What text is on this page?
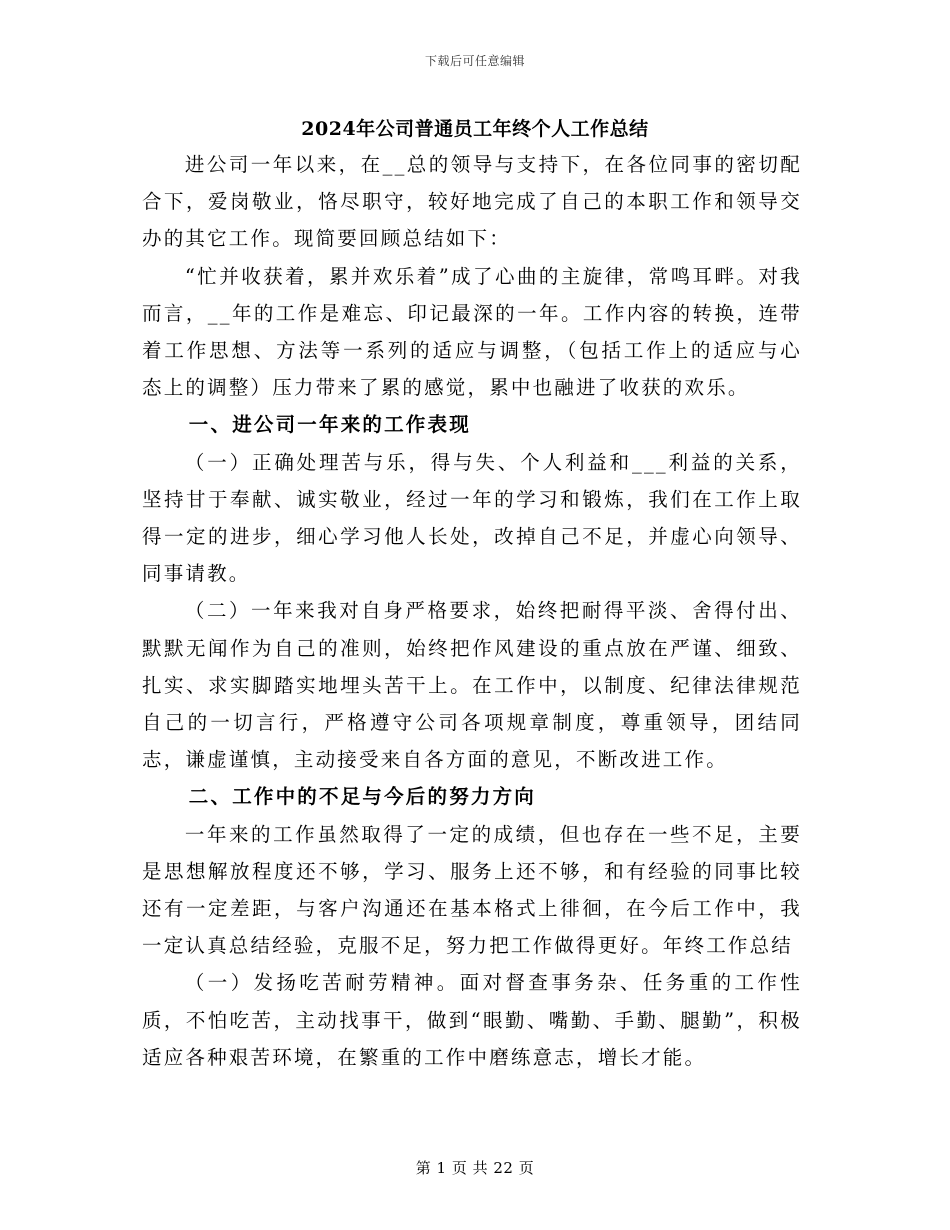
下载后可任意编辑
2024年公司普通员工年终个人工作总结

进公司一年以来，在__总的领导与支持下，在各位同事的密切配合下，爱岗敬业，恪尽职守，较好地完成了自己的本职工作和领导交办的其它工作。现简要回顾总结如下：

“忙并收获着，累并欢乐着”成了心曲的主旋律，常鸣耳畔。对我而言，__年的工作是难忘、印记最深的一年。工作内容的转换，连带着工作思想、方法等一系列的适应与调整，（包括工作上的适应与心态上的调整）压力带来了累的感觉，累中也融进了收获的欢乐。

一、进公司一年来的工作表现

（一）正确处理苦与乐，得与失、个人利益和___利益的关系，坚持甘于奉献、诚实敬业，经过一年的学习和锻炼，我们在工作上取得一定的进步，细心学习他人长处，改掉自己不足，并虚心向领导、同事请教。

（二）一年来我对自身严格要求，始终把耐得平淡、舍得付出、默默无闻作为自己的准则，始终把作风建设的重点放在严谨、细致、扎实、求实脚踏实地埋头苦干上。在工作中，以制度、纪律法律规范自己的一切言行，严格遵守公司各项规章制度，尊重领导，团结同志，谦虚谨慎，主动接受来自各方面的意见，不断改进工作。

二、工作中的不足与今后的努力方向

一年来的工作虽然取得了一定的成绩，但也存在一些不足，主要是思想解放程度还不够，学习、服务上还不够，和有经验的同事比较还有一定差距，与客户沟通还在基本格式上徘徊，在今后工作中，我一定认真总结经验，克服不足，努力把工作做得更好。年终工作总结

（一）发扬吃苦耐劳精神。面对督查事务杂、任务重的工作性质，不怕吃苦，主动找事干，做到“眼勤、嘴勤、手勤、腿勤”，积极适应各种艰苦环境，在繁重的工作中磨练意志，增长才能。

第 1 页 共 22 页
